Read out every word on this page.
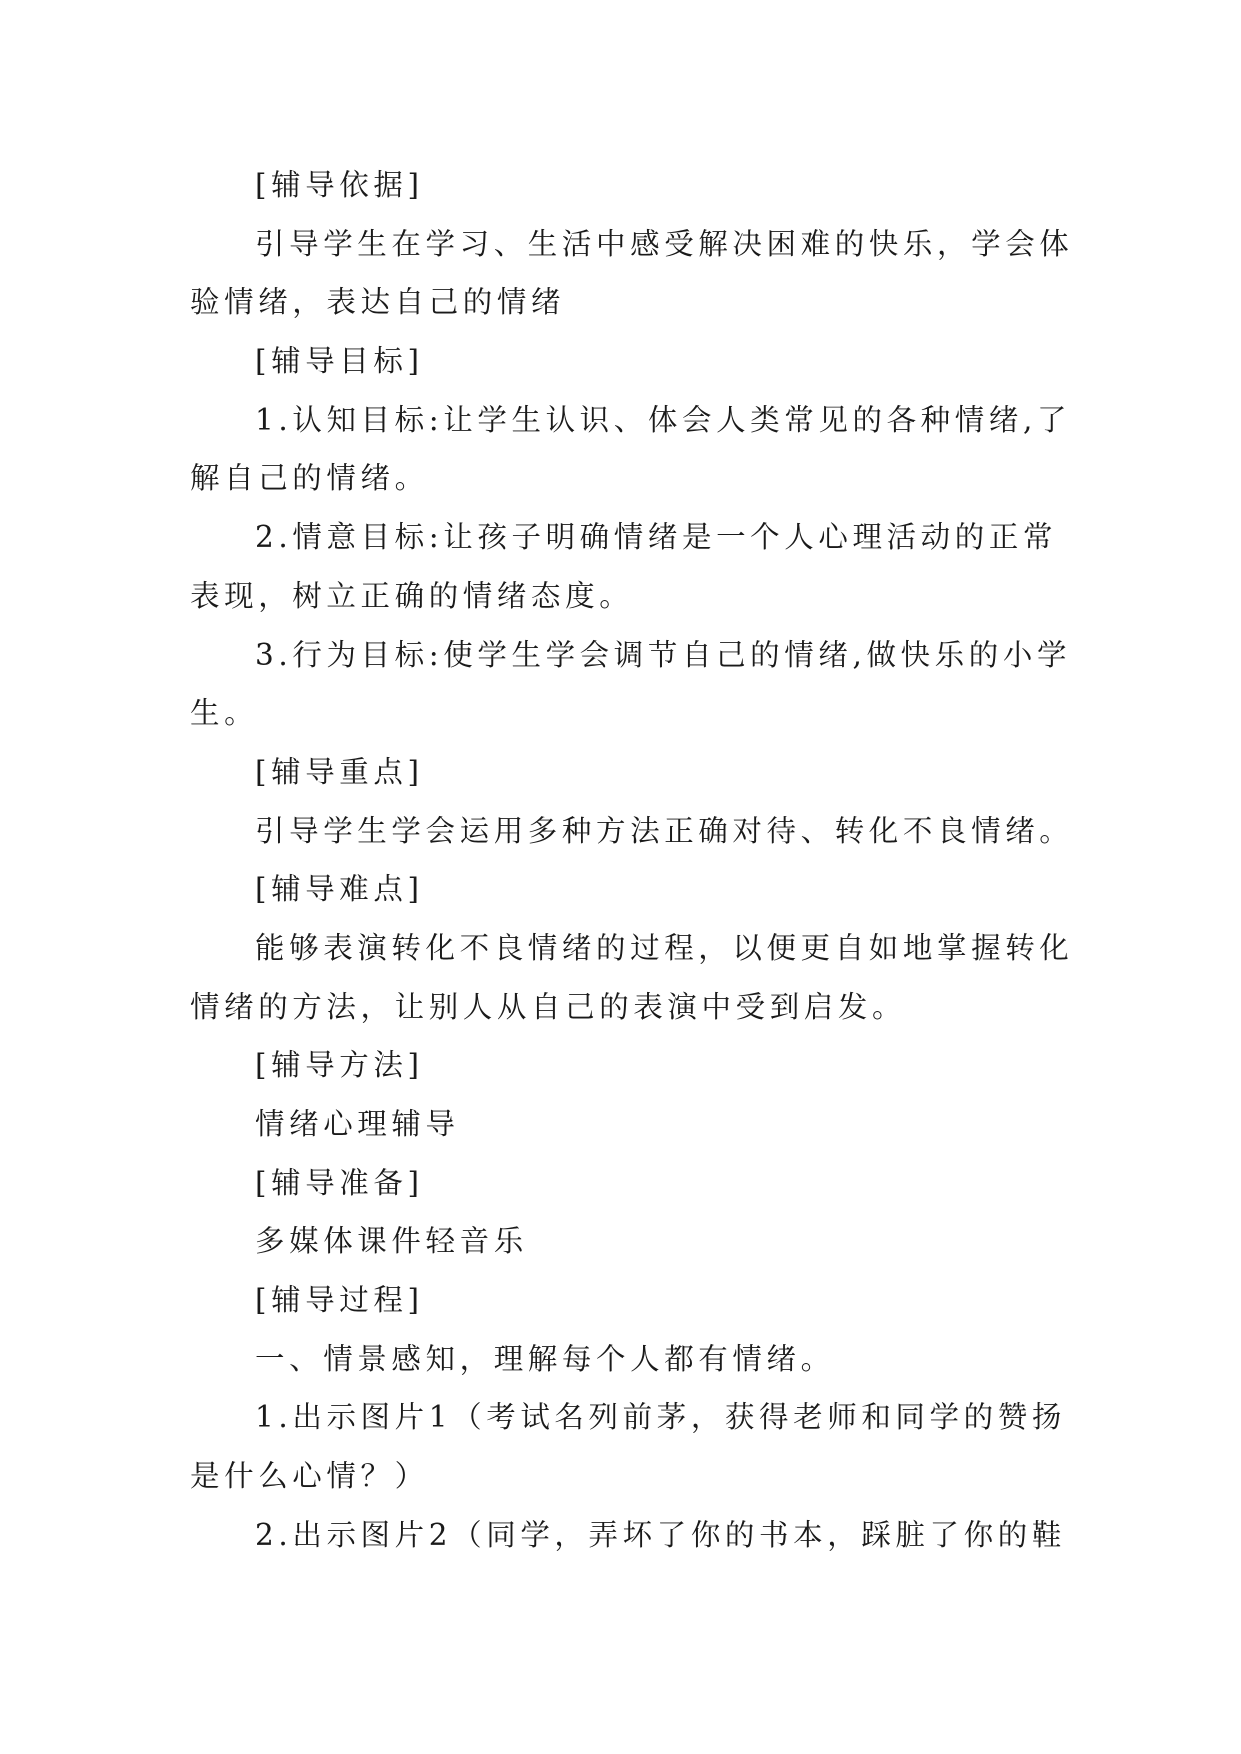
[辅导依据]
引导学生在学习、生活中感受解决困难的快乐，学会体
验情绪，表达自己的情绪
[辅导目标]
1.认知目标:让学生认识、体会人类常见的各种情绪,了
解自己的情绪。
2.情意目标:让孩子明确情绪是一个人心理活动的正常
表现，树立正确的情绪态度。
3.行为目标:使学生学会调节自己的情绪,做快乐的小学
生。
[辅导重点]
引导学生学会运用多种方法正确对待、转化不良情绪。
[辅导难点]
能够表演转化不良情绪的过程，以便更自如地掌握转化
情绪的方法，让别人从自己的表演中受到启发。
[辅导方法]
情绪心理辅导
[辅导准备]
多媒体课件轻音乐
[辅导过程]
一、情景感知，理解每个人都有情绪。
1.出示图片1（考试名列前茅，获得老师和同学的赞扬
是什么心情？）
2.出示图片2（同学，弄坏了你的书本，踩脏了你的鞋
